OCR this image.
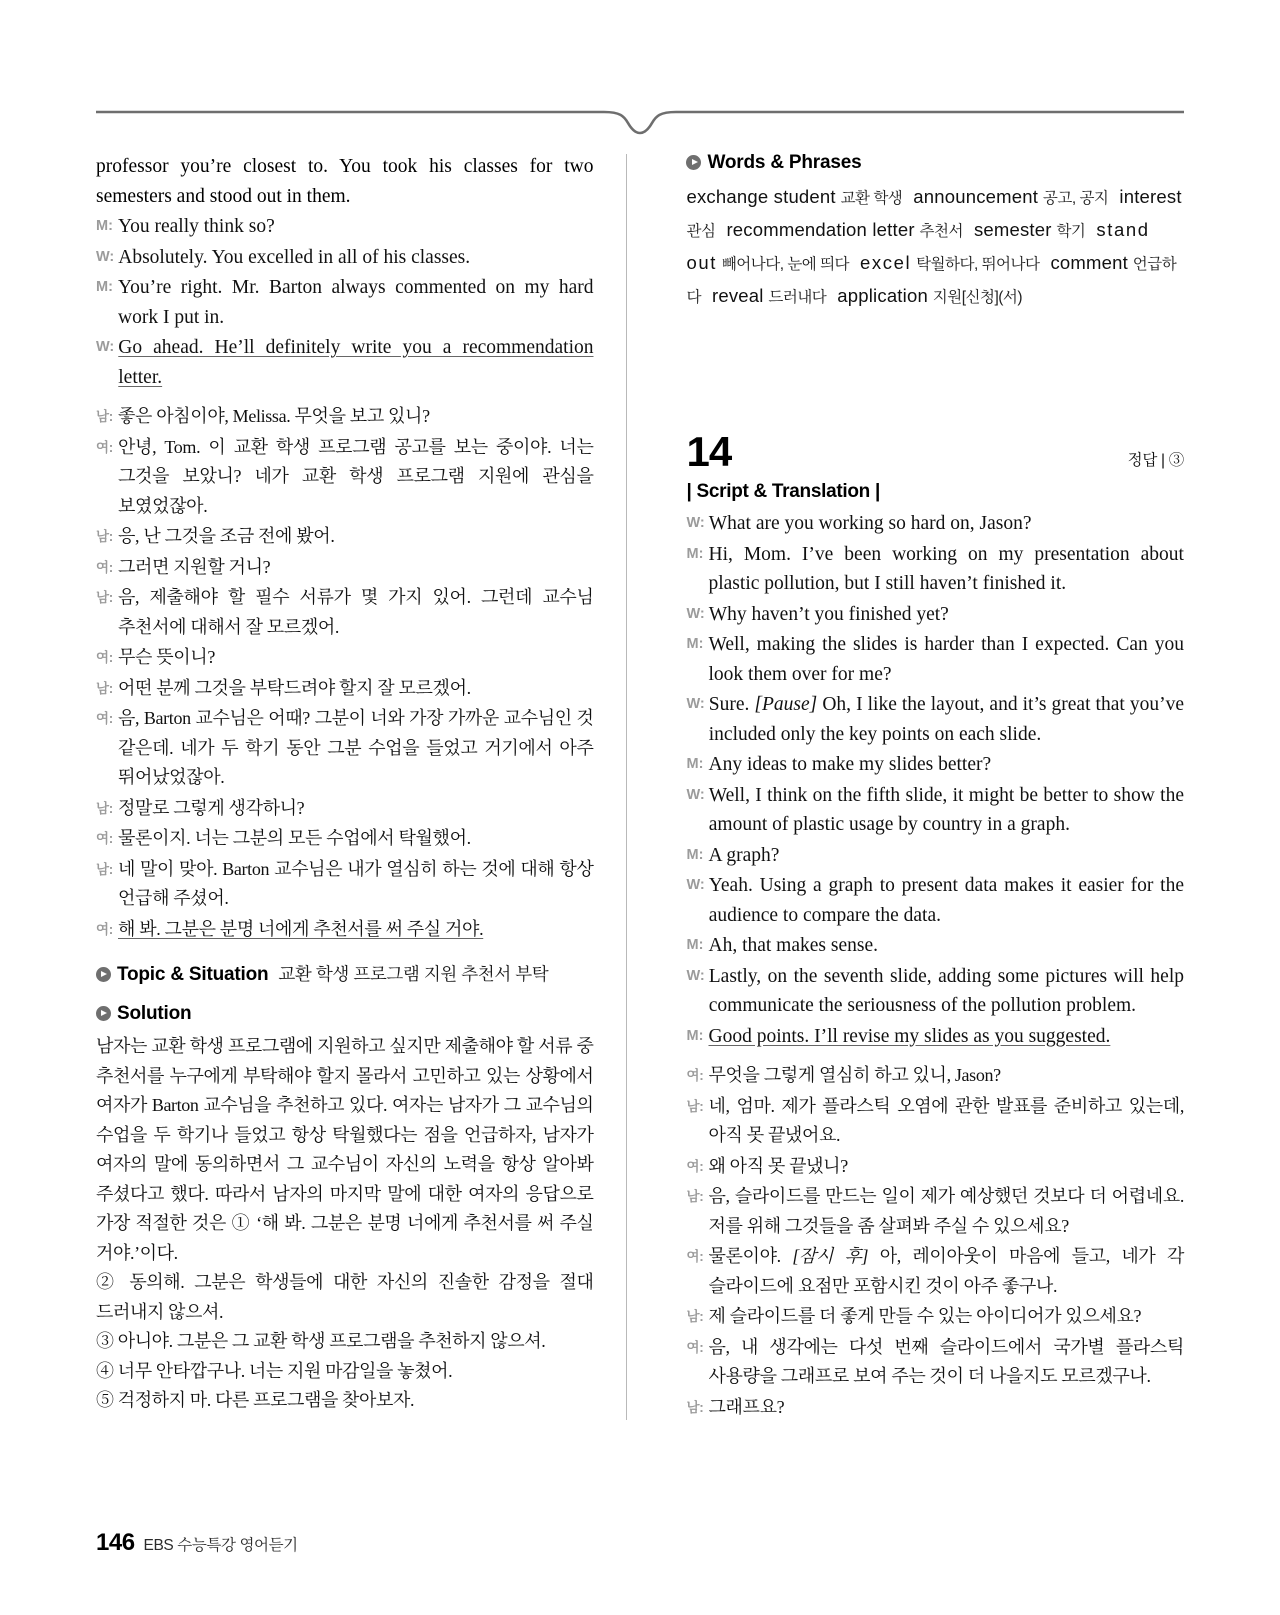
professor you’re closest to. You took his classes for two semesters and stood out in them.
M: You really think so?
W: Absolutely. You excelled in all of his classes.
M: You’re right. Mr. Barton always commented on my hard work I put in.
W: Go ahead. He’ll definitely write you a recommendation letter.
남: 좋은 아침이야, Melissa. 무엇을 보고 있니?
여: 안녕, Tom. 이 교환 학생 프로그램 공고를 보는 중이야. 너는 그것을 보았니? 네가 교환 학생 프로그램 지원에 관심을 보였었잖아.
남: 응, 난 그것을 조금 전에 봤어.
여: 그러면 지원할 거니?
남: 음, 제출해야 할 필수 서류가 몇 가지 있어. 그런데 교수님 추천서에 대해서 잘 모르겠어.
여: 무슨 뜻이니?
남: 어떤 분께 그것을 부탁드려야 할지 잘 모르겠어.
여: 음, Barton 교수님은 어때? 그분이 너와 가장 가까운 교수님인 것 같은데. 네가 두 학기 동안 그분 수업을 들었고 거기에서 아주 뛰어났었잖아.
남: 정말로 그렇게 생각하니?
여: 물론이지. 너는 그분의 모든 수업에서 탁월했어.
남: 네 말이 맞아. Barton 교수님은 내가 열심히 하는 것에 대해 항상 언급해 주셨어.
여: 해 봐. 그분은 분명 너에게 추천서를 써 주실 거야.
Topic & Situation 교환 학생 프로그램 지원 추천서 부탁
Solution

남자는 교환 학생 프로그램에 지원하고 싶지만 제출해야 할 서류 중 추천서를 누구에게 부탁해야 할지 몰라서 고민하고 있는 상황에서 여자가 Barton 교수님을 추천하고 있다. 여자는 남자가 그 교수님의 수업을 두 학기나 들었고 항상 탁월했다는 점을 언급하자, 남자가 여자의 말에 동의하면서 그 교수님이 자신의 노력을 항상 알아봐 주셨다고 했다. 따라서 남자의 마지막 말에 대한 여자의 응답으로 가장 적절한 것은 ① ‘해 봐. 그분은 분명 너에게 추천서를 써 주실 거야.’이다.

② 동의해. 그분은 학생들에 대한 자신의 진솔한 감정을 절대 드러내지 않으셔.

③ 아니야. 그분은 그 교환 학생 프로그램을 추천하지 않으셔.

④ 너무 안타깝구나. 너는 지원 마감일을 놓쳤어.

⑤ 걱정하지 마. 다른 프로그램을 찾아보자.

Words & Phrases
exchange student 교환 학생 announcement 공고, 공지 interest 관심 recommendation letter 추천서 semester 학기 stand out 빼어나다, 눈에 띄다 excel 탁월하다, 뛰어나다 comment 언급하다 reveal 드러내다 application 지원[신청](서)
14	정답 | ③
| Script & Translation |
W: What are you working so hard on, Jason?
M: Hi, Mom. I’ve been working on my presentation about plastic pollution, but I still haven’t finished it.
W: Why haven’t you finished yet?
M: Well, making the slides is harder than I expected. Can you look them over for me?
W: Sure. [Pause] Oh, I like the layout, and it’s great that you’ve included only the key points on each slide.
M: Any ideas to make my slides better?
W: Well, I think on the fifth slide, it might be better to show the amount of plastic usage by country in a graph.
M: A graph?
W: Yeah. Using a graph to present data makes it easier for the audience to compare the data.
M: Ah, that makes sense.
W: Lastly, on the seventh slide, adding some pictures will help communicate the seriousness of the pollution problem.
M: Good points. I’ll revise my slides as you suggested.
여: 무엇을 그렇게 열심히 하고 있니, Jason?
남: 네, 엄마. 제가 플라스틱 오염에 관한 발표를 준비하고 있는데, 아직 못 끝냈어요.
여: 왜 아직 못 끝냈니?
남: 음, 슬라이드를 만드는 일이 제가 예상했던 것보다 더 어렵네요. 저를 위해 그것들을 좀 살펴봐 주실 수 있으세요?
여: 물론이야. [잠시 후] 아, 레이아웃이 마음에 들고, 네가 각 슬라이드에 요점만 포함시킨 것이 아주 좋구나.
남: 제 슬라이드를 더 좋게 만들 수 있는 아이디어가 있으세요?
여: 음, 내 생각에는 다섯 번째 슬라이드에서 국가별 플라스틱 사용량을 그래프로 보여 주는 것이 더 나을지도 모르겠구나.
남: 그래프요?
146 EBS 수능특강 영어듣기
